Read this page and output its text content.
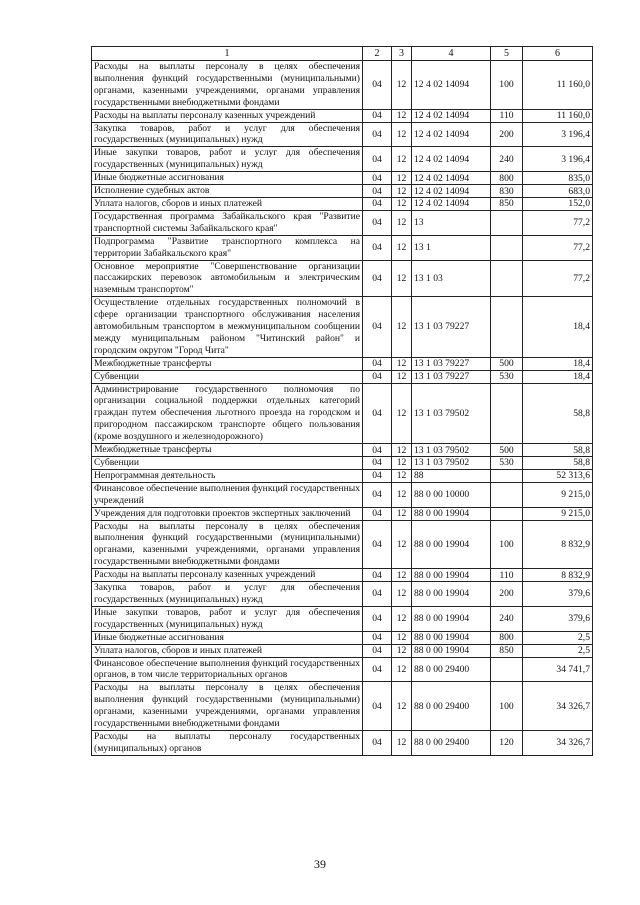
1	2	3	4	5	6
Расходы на выплаты персоналу в целях обеспечения выполнения функций государственными (муниципальными) органами, казенными учреждениями, органами управления государственными внебюджетными фондами	04	12	12 4 02 14094	100	11 160,0
Расходы на выплаты персоналу казенных учреждений	04	12	12 4 02 14094	110	11 160,0
Закупка товаров, работ и услуг для обеспечения государственных (муниципальных) нужд	04	12	12 4 02 14094	200	3 196,4
Иные закупки товаров, работ и услуг для обеспечения государственных (муниципальных) нужд	04	12	12 4 02 14094	240	3 196,4
Иные бюджетные ассигнования	04	12	12 4 02 14094	800	835,0
Исполнение судебных актов	04	12	12 4 02 14094	830	683,0
Уплата налогов, сборов и иных платежей	04	12	12 4 02 14094	850	152,0
Государственная программа Забайкальского края "Развитие транспортной системы Забайкальского края"	04	12	13		77,2
Подпрограмма "Развитие транспортного комплекса на территории Забайкальского края"	04	12	13 1		77,2
Основное мероприятие "Совершенствование организации пассажирских перевозок автомобильным и электрическим наземным транспортом"	04	12	13 1 03		77,2
Осуществление отдельных государственных полномочий в сфере организации транспортного обслуживания населения автомобильным транспортом в межмуниципальном сообщении между муниципальным районом "Читинский район" и городским округом "Город Чита"	04	12	13 1 03 79227		18,4
Межбюджетные трансферты	04	12	13 1 03 79227	500	18,4
Субвенции	04	12	13 1 03 79227	530	18,4
Администрирование государственного полномочия по организации социальной поддержки отдельных категорий граждан путем обеспечения льготного проезда на городском и пригородном пассажирском транспорте общего пользования (кроме воздушного и железнодорожного)	04	12	13 1 03 79502		58,8
Межбюджетные трансферты	04	12	13 1 03 79502	500	58,8
Субвенции	04	12	13 1 03 79502	530	58,8
Непрограммная деятельность	04	12	88		52 313,6
Финансовое обеспечение выполнения функций государственных учреждений	04	12	88 0 00 10000		9 215,0
Учреждения для подготовки проектов экспертных заключений	04	12	88 0 00 19904		9 215,0
Расходы на выплаты персоналу в целях обеспечения выполнения функций государственными (муниципальными) органами, казенными учреждениями, органами управления государственными внебюджетными фондами	04	12	88 0 00 19904	100	8 832,9
Расходы на выплаты персоналу казенных учреждений	04	12	88 0 00 19904	110	8 832,9
Закупка товаров, работ и услуг для обеспечения государственных (муниципальных) нужд	04	12	88 0 00 19904	200	379,6
Иные закупки товаров, работ и услуг для обеспечения государственных (муниципальных) нужд	04	12	88 0 00 19904	240	379,6
Иные бюджетные ассигнования	04	12	88 0 00 19904	800	2,5
Уплата налогов, сборов и иных платежей	04	12	88 0 00 19904	850	2,5
Финансовое обеспечение выполнения функций государственных органов, в том числе территориальных органов	04	12	88 0 00 29400		34 741,7
Расходы на выплаты персоналу в целях обеспечения выполнения функций государственными (муниципальными) органами, казенными учреждениями, органами управления государственными внебюджетными фондами	04	12	88 0 00 29400	100	34 326,7
Расходы на выплаты персоналу государственных (муниципальных) органов	04	12	88 0 00 29400	120	34 326,7
39
